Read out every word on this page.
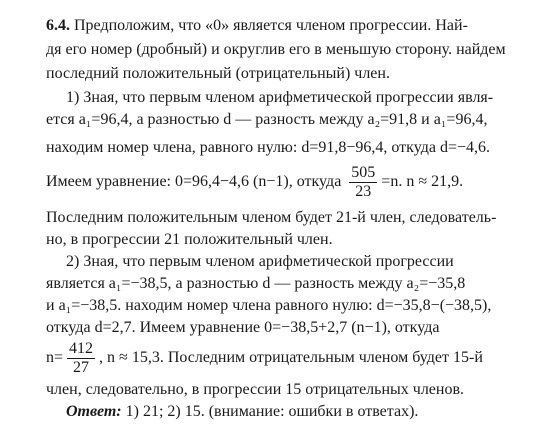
6.4. Предположим, что «0» является членом прогрессии. Най-
дя его номер (дробный) и округлив его в меньшую сторону. найдем
последний положительный (отрицательный) член.
1) Зная, что первым членом арифметической прогрессии явля-
ется a₁=96,4, а разностью d — разность между a₂=91,8 и a₁=96,4,
находим номер члена, равного нулю: d=91,8−96,4, откуда d=−4,6.
Имеем уравнение: 0=96,4−4,6 (n−1), откуда $\frac{505}{23} =n$. n ≈ 21,9.
Последним положительным членом будет 21-й член, следователь-
но, в прогрессии 21 положительный член.
2) Зная, что первым членом арифметической прогрессии
является a₁=−38,5, а разностью d — разность между a₂=−35,8
и a₁=−38,5. находим номер члена равного нулю: d=−35,8−(−38,5),
откуда d=2,7. Имеем уравнение 0=−38,5+2,7 (n−1), откуда
$n= \frac{412}{27}$ , n ≈ 15,3. Последним отрицательным членом будет 15-й
член, следовательно, в прогрессии 15 отрицательных членов.
Ответ: 1) 21; 2) 15. (внимание: ошибки в ответах).
